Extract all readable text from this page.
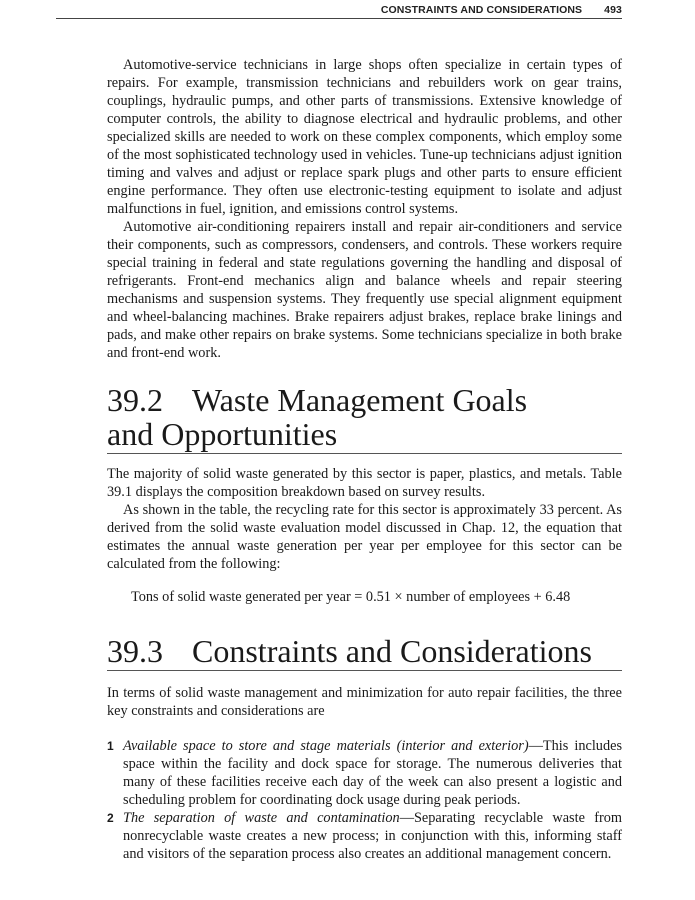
CONSTRAINTS AND CONSIDERATIONS 493

Automotive-service technicians in large shops often specialize in certain types of repairs. For example, transmission technicians and rebuilders work on gear trains, couplings, hydraulic pumps, and other parts of transmissions. Extensive knowledge of computer controls, the ability to diagnose electrical and hydraulic problems, and other specialized skills are needed to work on these complex components, which employ some of the most sophisticated technology used in vehicles. Tune-up technicians adjust ignition timing and valves and adjust or replace spark plugs and other parts to ensure efficient engine performance. They often use electronic-testing equipment to isolate and adjust malfunctions in fuel, ignition, and emissions control systems.

Automotive air-conditioning repairers install and repair air-conditioners and service their components, such as compressors, condensers, and controls. These workers require special training in federal and state regulations governing the handling and disposal of refrigerants. Front-end mechanics align and balance wheels and repair steering mechanisms and suspension systems. They frequently use special alignment equipment and wheel-balancing machines. Brake repairers adjust brakes, replace brake linings and pads, and make other repairs on brake systems. Some technicians specialize in both brake and front-end work.

39.2 Waste Management Goals
and Opportunities

The majority of solid waste generated by this sector is paper, plastics, and metals. Table 39.1 displays the composition breakdown based on survey results.

As shown in the table, the recycling rate for this sector is approximately 33 percent. As derived from the solid waste evaluation model discussed in Chap. 12, the equation that estimates the annual waste generation per year per employee for this sector can be calculated from the following:

Tons of solid waste generated per year = 0.51 × number of employees + 6.48
39.3 Constraints and Considerations

In terms of solid waste management and minimization for auto repair facilities, the three key constraints and considerations are

1 Available space to store and stage materials (interior and exterior)—This includes space within the facility and dock space for storage. The numerous deliveries that many of these facilities receive each day of the week can also present a logistic and scheduling problem for coordinating dock usage during peak periods.
2 The separation of waste and contamination—Separating recyclable waste from nonrecyclable waste creates a new process; in conjunction with this, informing staff and visitors of the separation process also creates an additional management concern.
